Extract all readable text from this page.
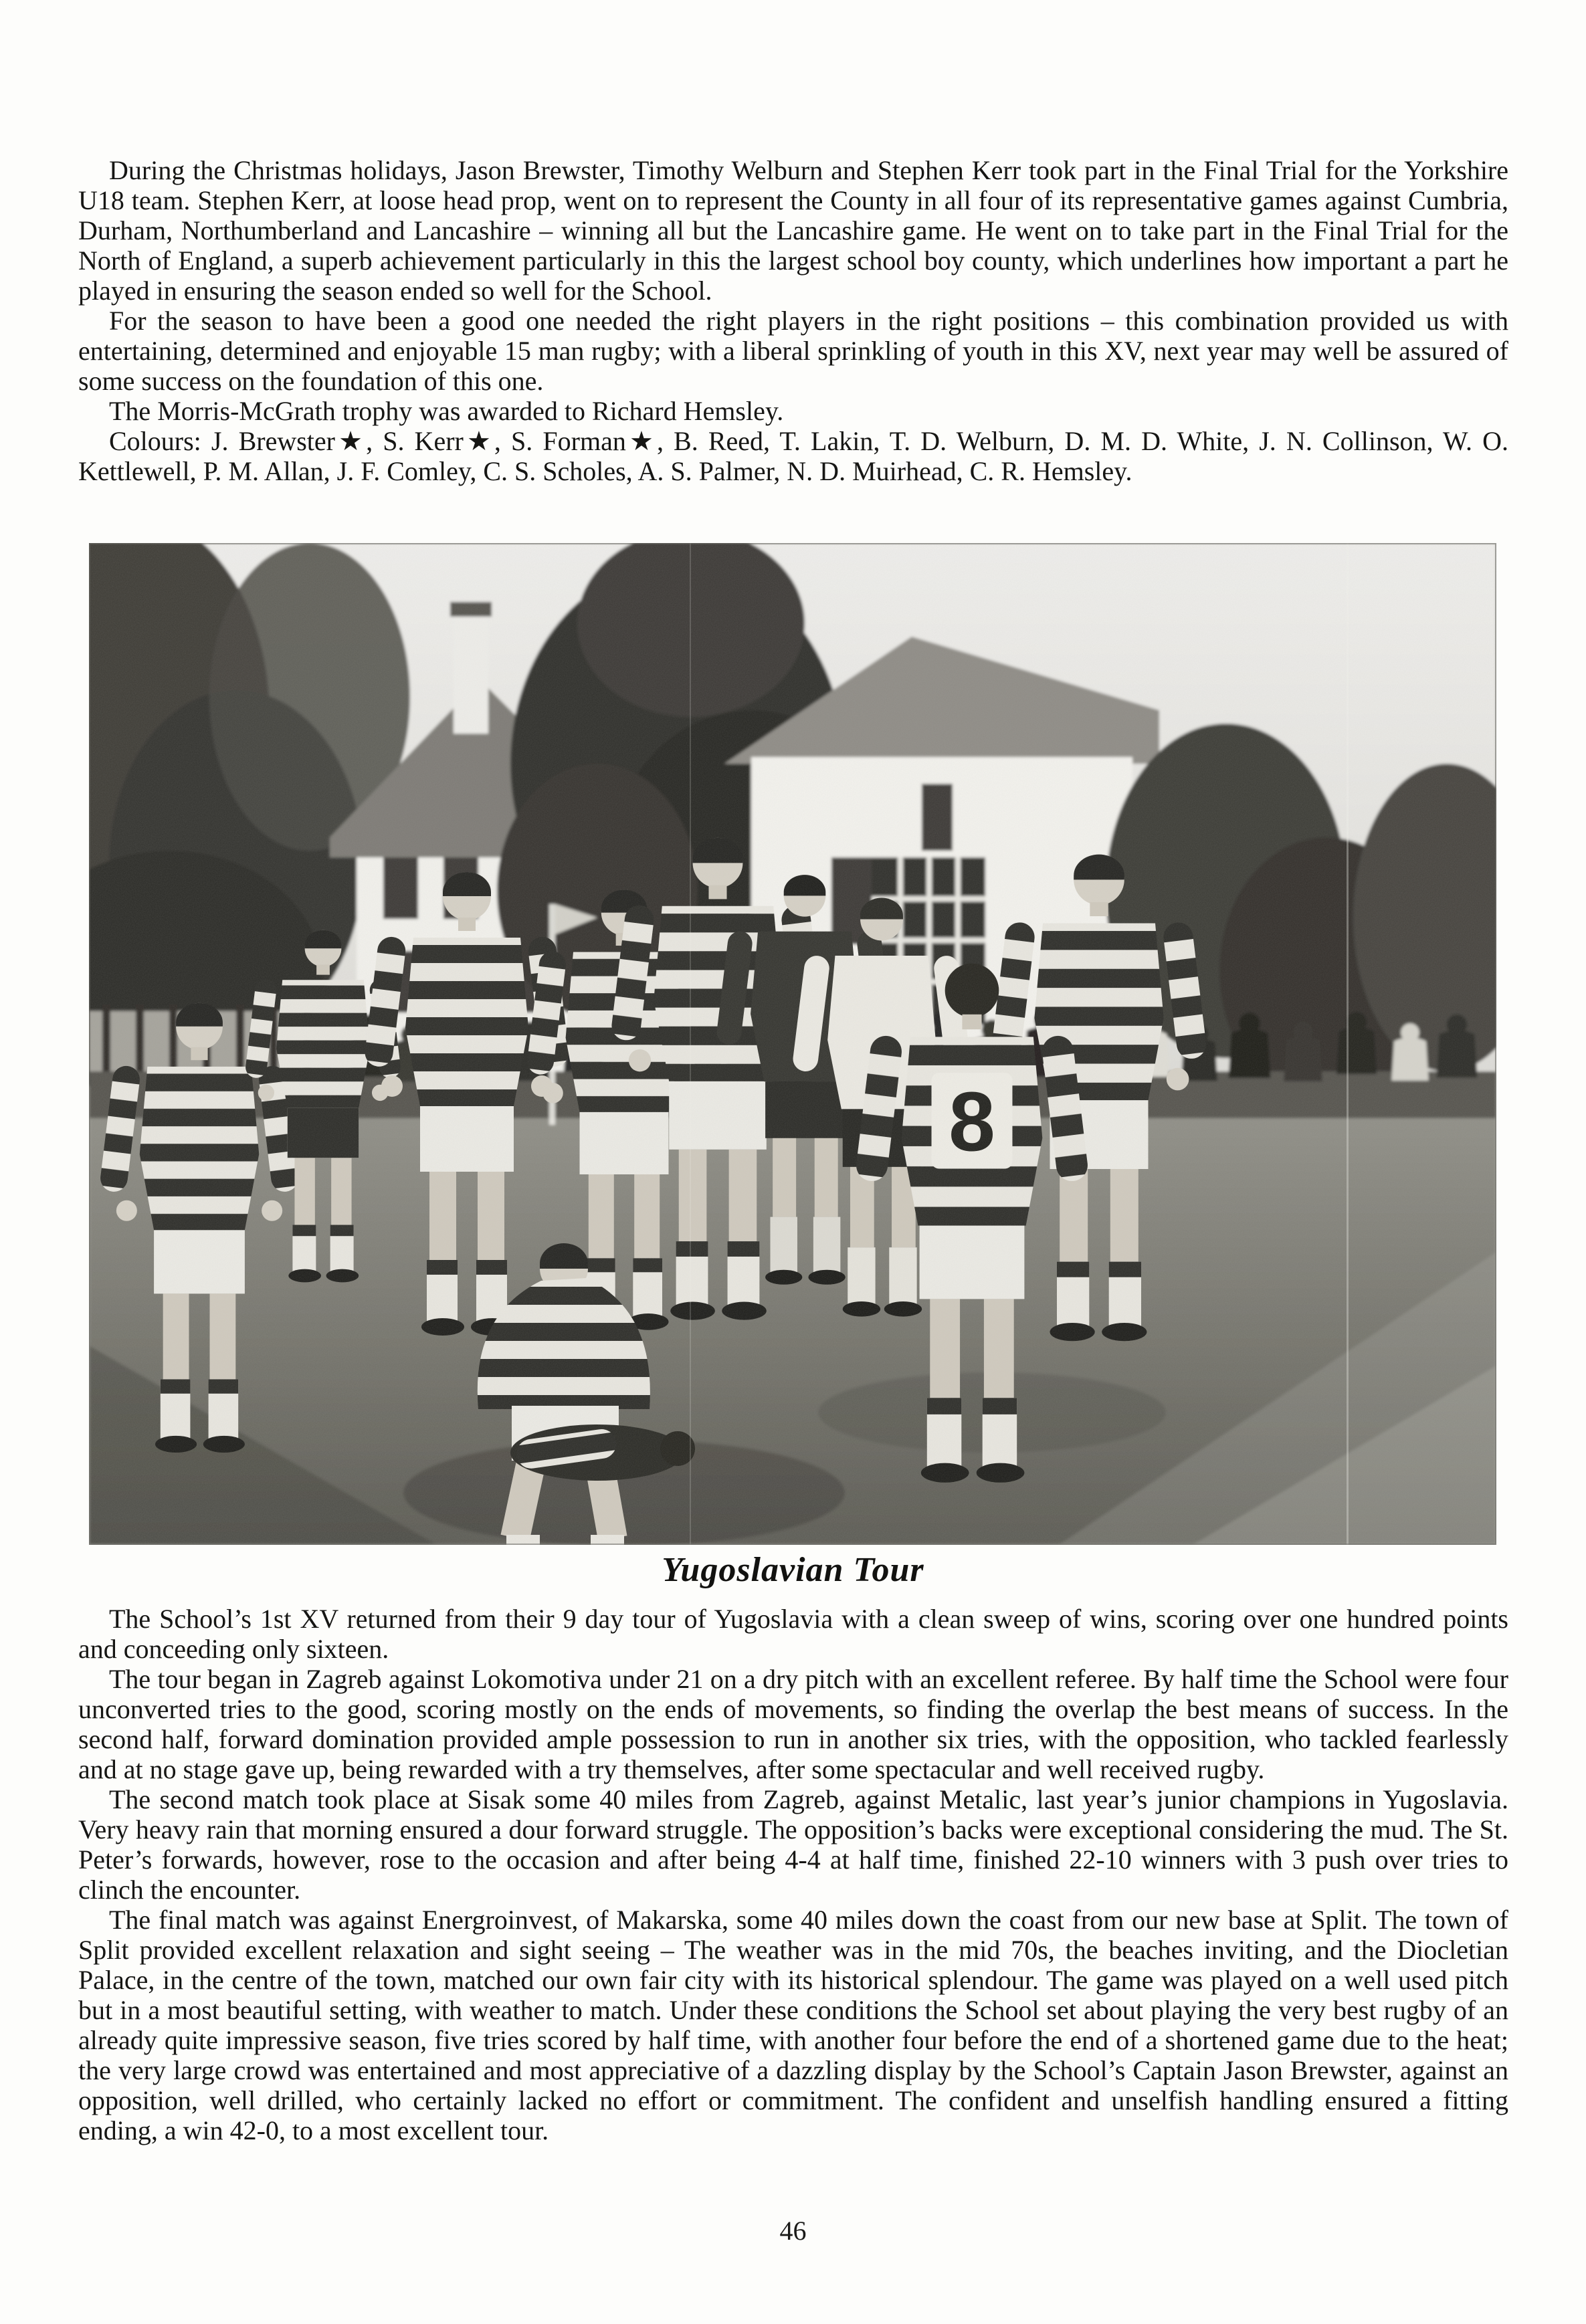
During the Christmas holidays, Jason Brewster, Timothy Welburn and Stephen Kerr took part in the Final Trial for the Yorkshire U18 team. Stephen Kerr, at loose head prop, went on to represent the County in all four of its representative games against Cumbria, Durham, Northumberland and Lancashire – winning all but the Lancashire game. He went on to take part in the Final Trial for the North of England, a superb achievement particularly in this the largest school boy county, which underlines how important a part he played in ensuring the season ended so well for the School.

For the season to have been a good one needed the right players in the right positions – this combination provided us with entertaining, determined and enjoyable 15 man rugby; with a liberal sprinkling of youth in this XV, next year may well be assured of some success on the foundation of this one.

The Morris-McGrath trophy was awarded to Richard Hemsley.

Colours: J. Brewster★, S. Kerr★, S. Forman★, B. Reed, T. Lakin, T. D. Welburn, D. M. D. White, J. N. Collinson, W. O. Kettlewell, P. M. Allan, J. F. Comley, C. S. Scholes, A. S. Palmer, N. D. Muirhead, C. R. Hemsley.

8
Yugoslavian Tour

The School’s 1st XV returned from their 9 day tour of Yugoslavia with a clean sweep of wins, scoring over one hundred points and conceeding only sixteen.

The tour began in Zagreb against Lokomotiva under 21 on a dry pitch with an excellent referee. By half time the School were four unconverted tries to the good, scoring mostly on the ends of movements, so finding the overlap the best means of success. In the second half, forward domination provided ample possession to run in another six tries, with the opposition, who tackled fearlessly and at no stage gave up, being rewarded with a try themselves, after some spectacular and well received rugby.

The second match took place at Sisak some 40 miles from Zagreb, against Metalic, last year’s junior champions in Yugoslavia. Very heavy rain that morning ensured a dour forward struggle. The opposition’s backs were exceptional considering the mud. The St. Peter’s forwards, however, rose to the occasion and after being 4-4 at half time, finished 22-10 winners with 3 push over tries to clinch the encounter.

The final match was against Energroinvest, of Makarska, some 40 miles down the coast from our new base at Split. The town of Split provided excellent relaxation and sight seeing – The weather was in the mid 70s, the beaches inviting, and the Diocletian Palace, in the centre of the town, matched our own fair city with its historical splendour. The game was played on a well used pitch but in a most beautiful setting, with weather to match. Under these conditions the School set about playing the very best rugby of an already quite impressive season, five tries scored by half time, with another four before the end of a shortened game due to the heat; the very large crowd was entertained and most appreciative of a dazzling display by the School’s Captain Jason Brewster, against an opposition, well drilled, who certainly lacked no effort or commitment. The confident and unselfish handling ensured a fitting ending, a win 42-0, to a most excellent tour.

46
